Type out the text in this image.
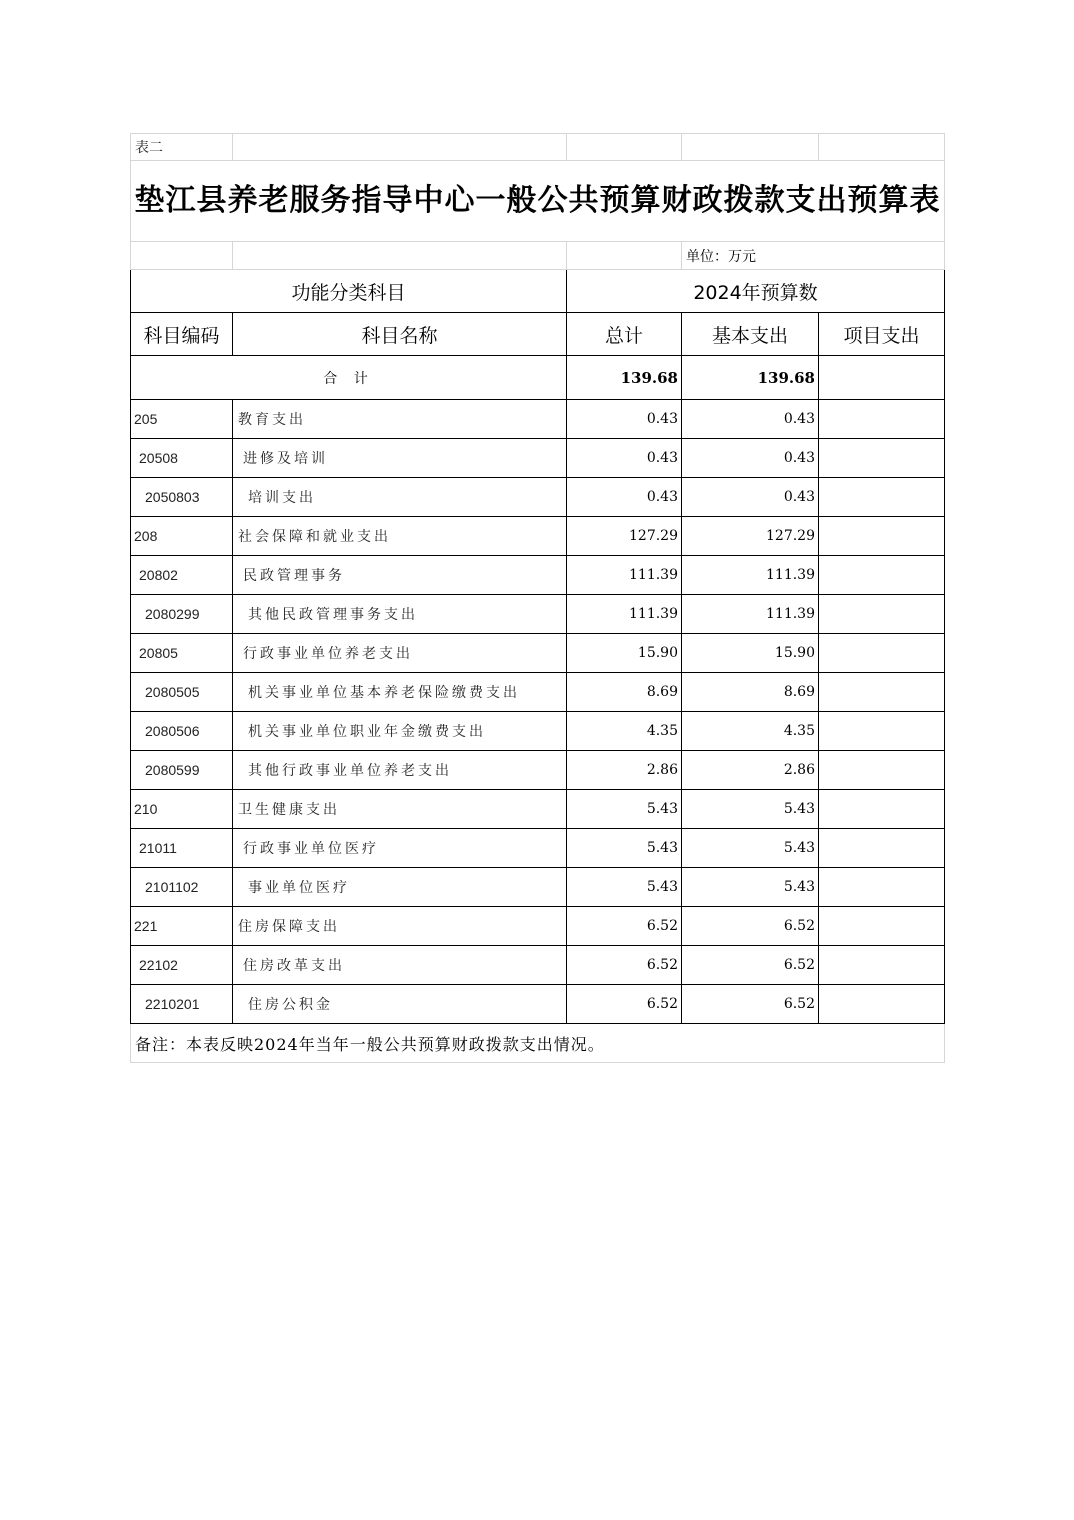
表二				
垫江县养老服务指导中心一般公共预算财政拨款支出预算表				
			单位：万元	
功能分类科目		2024年预算数		
科目编码	科目名称	总计	基本支出	项目支出
合 计		139.68	139.68	
205	教育支出	0.43	0.43	
20508	进修及培训	0.43	0.43	
2050803	培训支出	0.43	0.43	
208	社会保障和就业支出	127.29	127.29	
20802	民政管理事务	111.39	111.39	
2080299	其他民政管理事务支出	111.39	111.39	
20805	行政事业单位养老支出	15.90	15.90	
2080505	机关事业单位基本养老保险缴费支出	8.69	8.69	
2080506	机关事业单位职业年金缴费支出	4.35	4.35	
2080599	其他行政事业单位养老支出	2.86	2.86	
210	卫生健康支出	5.43	5.43	
21011	行政事业单位医疗	5.43	5.43	
2101102	事业单位医疗	5.43	5.43	
221	住房保障支出	6.52	6.52	
22102	住房改革支出	6.52	6.52	
2210201	住房公积金	6.52	6.52	
备注：本表反映2024年当年一般公共预算财政拨款支出情况。				
